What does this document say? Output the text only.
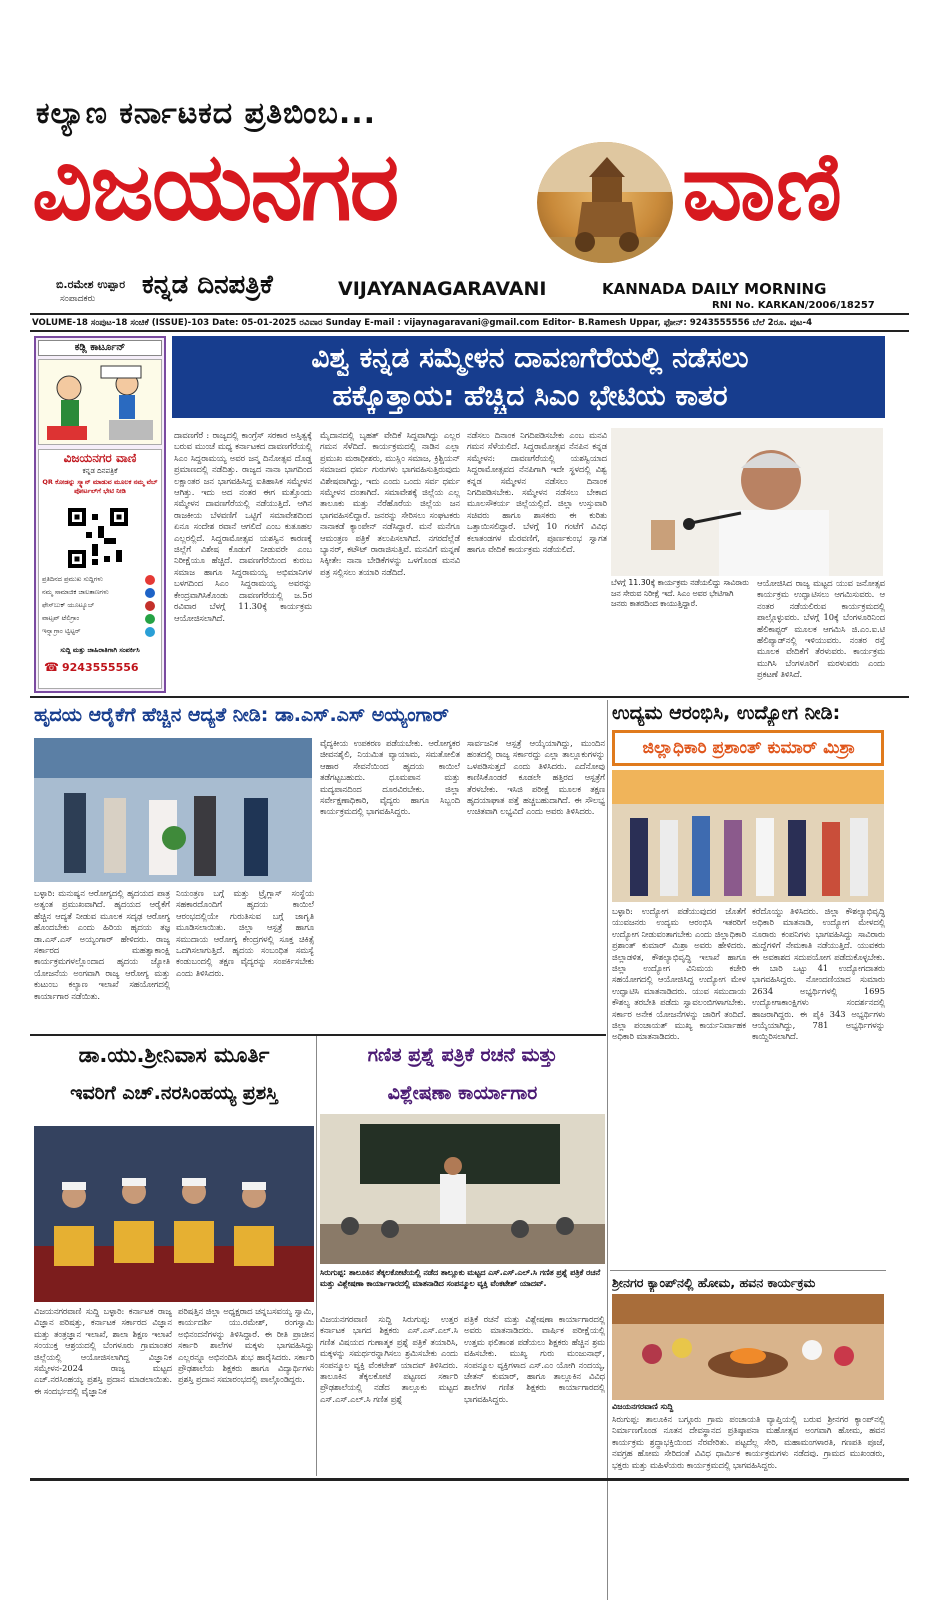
ಕಲ್ಯಾಣ ಕರ್ನಾಟಕದ ಪ್ರತಿಬಿಂಬ...
ವಿಜಯನಗರ	ವಾಣಿ
ಬಿ.ರಮೇಶ ಉಪ್ಪಾರ
ಸಂಪಾದಕರು ಕನ್ನಡ ದಿನಪತ್ರಿಕೆ	VIJAYANAGARAVANI	KANNADA DAILY MORNING
RNI No. KARKAN/2006/18257
VOLUME-18 ಸಂಪುಟ-18 ಸಂಚಿಕೆ (ISSUE)-103 Date: 05-01-2025 ರವಿವಾರ Sunday E-mail : vijaynagaravani@gmail.com Editor- B.Ramesh Uppar, ಫೋನ್: 9243555556 ಬೆಲೆ 2ರೂ. ಪುಟ-4
ಕಡ್ಲಿ ಕಾರ್ಟೂನ್
ವಿಜಯನಗರ ವಾಣಿ
ಕನ್ನಡ ದಿನಪತ್ರಿಕೆ
QR ಕೋಡನ್ನು ಸ್ಕ್ಯಾನ್ ಮಾಡುವ ಮೂಲಕ ನಮ್ಮ ವೆಬ್ ಪೋರ್ಟಲ್‌ಗೆ ಭೇಟಿ ನೀಡಿ
ಪ್ರತಿದಿನದ ಪ್ರಮುಖ ಸುದ್ದಿಗಳು
ನಮ್ಮ ಸಾಮಾಜಿಕ ಜಾಲತಾಣಗಳು
ಫೇಸ್‌ಬುಕ್ ಯೂಟ್ಯೂಬ್
ವಾಟ್ಸಪ್ ಟೆಲಿಗ್ರಾಂ
ಇನ್ಸ್ಟಾಗ್ರಾಂ ಟ್ವಿಟ್ಟರ್
ಸುದ್ದಿ ಮತ್ತು ಜಾಹಿರಾತಿಗಾಗಿ ಸಂಪರ್ಕಿಸಿ
☎ 9243555556
ವಿಶ್ವ ಕನ್ನಡ ಸಮ್ಮೇಳನ ದಾವಣಗೆರೆಯಲ್ಲಿ ನಡೆಸಲು
ಹಕ್ಕೊತ್ತಾಯ: ಹೆಚ್ಚಿದ ಸಿಎಂ ಭೇಟಿಯ ಕಾತರ
ದಾವಣಗೆರೆ : ರಾಜ್ಯದಲ್ಲಿ ಕಾಂಗ್ರೆಸ್ ಸರಕಾರ ಅಸ್ತಿತ್ವಕ್ಕೆ ಬರುವ ಮುಂಚೆ ಮಧ್ಯ ಕರ್ನಾಟಕದ ದಾವಣಗೆರೆಯಲ್ಲಿ ಸಿಎಂ ಸಿದ್ದರಾಮಯ್ಯ ಅವರ ಜನ್ಮ ದಿನೋತ್ಸವ ದೊಡ್ಡ ಪ್ರಮಾಣದಲ್ಲಿ ನಡೆದಿತ್ತು. ರಾಜ್ಯದ ನಾನಾ ಭಾಗದಿಂದ ಲಕ್ಷಾಂತರ ಜನ ಭಾಗವಹಿಸಿದ್ದ ಐತಿಹಾಸಿಕ ಸಮ್ಮೇಳನ ಆಗಿತ್ತು. ಇದು ಅದ ನಂತರ ಈಗ ಮತ್ತೊಂದು ಸಮ್ಮೇಳನ ದಾವಣಗೆರೆಯಲ್ಲಿ ನಡೆಯುತ್ತಿದೆ. ಆಗಿನ ರಾಜಕೀಯ ಬೆಳವಣಿಗೆ ಒಟ್ಟಿಗೆ ಸಮಾವೇಶದಿಂದ ಏನೂ ಸಂದೇಶ ರವಾನೆ ಆಗಲಿದೆ ಎಂಬ ಕುತೂಹಲ ಎಲ್ಲರಲ್ಲಿದೆ. ಸಿದ್ದರಾಮೋತ್ಸವ ಯಶಸ್ವಿನ ಕಾರಣಕ್ಕೆ ಜಿಲ್ಲೆಗೆ ವಿಶೇಷ ಕೊಡುಗೆ ನೀಡುವರೇ ಎಂಬ ನಿರೀಕ್ಷೆಯೂ ಹೆಚ್ಚಿದೆ. ದಾವಣಗೆರೆಯಿಂದ ಕುರುಬ ಸಮಾಜ ಹಾಗೂ ಸಿದ್ದರಾಮಯ್ಯ ಅಭಿಮಾನಿಗಳ ಬಳಗದಿಂದ ಸಿಎಂ ಸಿದ್ದರಾಮಯ್ಯ ಅವರನ್ನು ಕೇಂದ್ರವಾಗಿಸಿಕೊಂಡು ದಾವಣಗೆರೆಯಲ್ಲಿ ಜ.5ರ ರವಿವಾರ ಬೆಳಗ್ಗೆ 11.30ಕ್ಕೆ ಕಾರ್ಯಕ್ರಮ ಆಯೋಜಿಸಲಾಗಿದೆ.
ಮೈದಾನದಲ್ಲಿ ಬೃಹತ್ ವೇದಿಕೆ ಸಿದ್ದವಾಗಿದ್ದು ಎಲ್ಲರ ಗಮನ ಸೆಳೆದಿದೆ. ಕಾರ್ಯಕ್ರಮದಲ್ಲಿ ನಾಡಿನ ಎಲ್ಲಾ ಪ್ರಮುಖ ಮಠಾಧೀಶರು, ಮುಸ್ಲಿಂ ಸಮಾಜ, ಕ್ರಿಶ್ಚಿಯನ್ ಸಮಾಜದ ಧರ್ಮ ಗುರುಗಳು ಭಾಗವಹಿಸುತ್ತಿರುವುದು ವಿಶೇಷವಾಗಿದ್ದು, ಇದು ಎಂದು ಒಂದು ಸರ್ವ ಧರ್ಮ ಸಮ್ಮೇಳನ ದಂತಾಗಿದೆ. ಸಮಾವೇಶಕ್ಕೆ ಜಿಲ್ಲೆಯ ಎಲ್ಲ ತಾಲೂಕು ಮತ್ತು ನೆರೆಹೊರೆಯ ಜಿಲ್ಲೆಯ ಜನ ಭಾಗವಹಿಸಲಿದ್ದಾರೆ. ಜನರನ್ನು ಸೇರಿಸಲು ಸಂಘಟಕರು ನಾನಾಕಡೆ ಕ್ಯಾಂಪೇನ್ ನಡೆಸಿದ್ದಾರೆ. ಮನೆ ಮನೆಗೂ ಆಮಂತ್ರಣ ಪತ್ರಿಕೆ ತಲುಪಿಸಲಾಗಿದೆ. ನಗರದೆಲ್ಲೆಡೆ ಬ್ಯಾನರ್, ಕಟೌಟ್ ರಾರಾಜಿಸುತ್ತಿವೆ. ಮನವಿಗೆ ಮನ್ನಣೆ ಸಿಕ್ಕೀತೇ: ನಾನಾ ಬೇಡಿಕೆಗಳನ್ನು ಒಳಗೊಂಡ ಮನವಿ ಪತ್ರ ಸಲ್ಲಿಸಲು ತಯಾರಿ ನಡೆದಿದೆ.
ನಡೆಸಲು ದಿನಾಂಕ ನಿಗದಿಪಡಿಸಬೇಕು ಎಂಬ ಮನವಿ ಗಮನ ಸೆಳೆಯಲಿದೆ. ಸಿದ್ದರಾಮೋತ್ಸವ ನೆನಪಿನ ಕನ್ನಡ ಸಮ್ಮೇಳನ: ದಾವಣಗೆರೆಯಲ್ಲಿ ಯಶಸ್ವಿಯಾದ ಸಿದ್ದರಾಮೋತ್ಸವದ ನೆನಪಿಗಾಗಿ ಇದೇ ಸ್ಥಳದಲ್ಲಿ ವಿಶ್ವ ಕನ್ನಡ ಸಮ್ಮೇಳನ ನಡೆಸಲು ದಿನಾಂಕ ನಿಗದಿಪಡಿಸಬೇಕು. ಸಮ್ಮೇಳನ ನಡೆಸಲು ಬೇಕಾದ ಮೂಲಸೌಕರ್ಯ ಜಿಲ್ಲೆಯಲ್ಲಿದೆ. ಜಿಲ್ಲಾ ಉಸ್ತುವಾರಿ ಸಚಿವರು ಹಾಗೂ ಶಾಸಕರು ಈ ಕುರಿತು ಒತ್ತಾಯಿಸಲಿದ್ದಾರೆ. ಬೆಳಗ್ಗೆ 10 ಗಂಟೆಗೆ ವಿವಿಧ ಕಲಾತಂಡಗಳ ಮೆರವಣಿಗೆ, ಪೂರ್ಣಕುಂಭ ಸ್ವಾಗತ ಹಾಗೂ ವೇದಿಕೆ ಕಾರ್ಯಕ್ರಮ ನಡೆಯಲಿದೆ.
ಬೆಳಗ್ಗೆ 11.30ಕ್ಕೆ ಕಾರ್ಯಕ್ರಮ ನಡೆಯಲಿದ್ದು ಸಾವಿರಾರು ಜನ ಸೇರುವ ನಿರೀಕ್ಷೆ ಇದೆ. ಸಿಎಂ ಅವರ ಭೇಟಿಗಾಗಿ ಜನರು ಕಾತರದಿಂದ ಕಾಯುತ್ತಿದ್ದಾರೆ.
ಆಯೋಜಿಸಿದ ರಾಜ್ಯ ಮಟ್ಟದ ಯುವ ಜನೋತ್ಸವ ಕಾರ್ಯಕ್ರಮ ಉದ್ಘಾಟಿಸಲು ಆಗಮಿಸುವರು. ಆ ನಂತರ ನಡೆಯಲಿರುವ ಕಾರ್ಯಕ್ರಮದಲ್ಲಿ ಪಾಲ್ಗೊಳ್ಳುವರು. ಬೆಳಗ್ಗೆ 10ಕ್ಕೆ ಬೆಂಗಳೂರಿನಿಂದ ಹೆಲಿಕಾಪ್ಟರ್ ಮೂಲಕ ಆಗಮಿಸಿ ಜಿ.ಎಂ.ಐ.ಟಿ ಹೆಲಿಪ್ಯಾಡ್‌ನಲ್ಲಿ ಇಳಿಯುವರು. ನಂತರ ರಸ್ತೆ ಮೂಲಕ ವೇದಿಕೆಗೆ ತೆರಳುವರು. ಕಾರ್ಯಕ್ರಮ ಮುಗಿಸಿ ಬೆಂಗಳೂರಿಗೆ ಮರಳುವರು ಎಂದು ಪ್ರಕಟಣೆ ತಿಳಿಸಿದೆ.
ಹೃದಯ ಆರೈಕೆಗೆ ಹೆಚ್ಚಿನ ಆದ್ಯತೆ ನೀಡಿ: ಡಾ.ಎಸ್.ಎಸ್ ಅಯ್ಯಂಗಾರ್
ಬಳ್ಳಾರಿ: ಮನುಷ್ಯನ ಆರೋಗ್ಯದಲ್ಲಿ ಹೃದಯದ ಪಾತ್ರ ಅತ್ಯಂತ ಪ್ರಮುಖವಾಗಿದೆ. ಹೃದಯದ ಆರೈಕೆಗೆ ಹೆಚ್ಚಿನ ಆದ್ಯತೆ ನೀಡುವ ಮೂಲಕ ಸದೃಢ ಆರೋಗ್ಯ ಹೊಂದಬೇಕು ಎಂದು ಹಿರಿಯ ಹೃದಯ ತಜ್ಞ ಡಾ.ಎಸ್.ಎಸ್ ಅಯ್ಯಂಗಾರ್ ಹೇಳಿದರು. ರಾಜ್ಯ ಸರ್ಕಾರದ ಮಹತ್ವಾಕಾಂಕ್ಷಿ ಕಾರ್ಯಕ್ರಮಗಳಲ್ಲೊಂದಾದ ಹೃದಯ ಜ್ಯೋತಿ ಯೋಜನೆಯ ಅಂಗವಾಗಿ ರಾಜ್ಯ ಆರೋಗ್ಯ ಮತ್ತು ಕುಟುಂಬ ಕಲ್ಯಾಣ ಇಲಾಖೆ ಸಹಯೋಗದಲ್ಲಿ ಕಾರ್ಯಾಗಾರ ನಡೆಯಿತು.
ನಿಯಂತ್ರಣ ಬಗ್ಗೆ ಮತ್ತು ಟ್ರೈಗ್ಲಾಸ್ ಸಂಸ್ಥೆಯ ಸಹಕಾರದೊಂದಿಗೆ ಹೃದಯ ಕಾಯಿಲೆ ಆರಂಭದಲ್ಲಿಯೇ ಗುರುತಿಸುವ ಬಗ್ಗೆ ಜಾಗೃತಿ ಮೂಡಿಸಲಾಯಿತು. ಜಿಲ್ಲಾ ಆಸ್ಪತ್ರೆ ಹಾಗೂ ಸಮುದಾಯ ಆರೋಗ್ಯ ಕೇಂದ್ರಗಳಲ್ಲಿ ಸೂಕ್ತ ಚಿಕಿತ್ಸೆ ಒದಗಿಸಲಾಗುತ್ತಿದೆ. ಹೃದಯ ಸಂಬಂಧಿತ ಸಮಸ್ಯೆ ಕಂಡುಬಂದಲ್ಲಿ ತಕ್ಷಣ ವೈದ್ಯರನ್ನು ಸಂಪರ್ಕಿಸಬೇಕು ಎಂದು ತಿಳಿಸಿದರು.
ವೈದ್ಯಕೀಯ ಉಪಕರಣ ಪಡೆಯಬೇಕು. ಆರೋಗ್ಯಕರ ಜೀವನಶೈಲಿ, ನಿಯಮಿತ ವ್ಯಾಯಾಮ, ಸಮತೋಲಿತ ಆಹಾರ ಸೇವನೆಯಿಂದ ಹೃದಯ ಕಾಯಿಲೆ ತಡೆಗಟ್ಟಬಹುದು. ಧೂಮಪಾನ ಮತ್ತು ಮದ್ಯಪಾನದಿಂದ ದೂರವಿರಬೇಕು. ಜಿಲ್ಲಾ ಸರ್ವೇಕ್ಷಣಾಧಿಕಾರಿ, ವೈದ್ಯರು ಹಾಗೂ ಸಿಬ್ಬಂದಿ ಕಾರ್ಯಕ್ರಮದಲ್ಲಿ ಭಾಗವಹಿಸಿದ್ದರು.
ಸಾರ್ವಜನಿಕ ಆಸ್ಪತ್ರೆ ಆಯ್ಕೆಯಾಗಿದ್ದು, ಮುಂದಿನ ಹಂತದಲ್ಲಿ ರಾಜ್ಯ ಸರ್ಕಾರದ್ದು ಎಲ್ಲಾ ತಾಲ್ಲೂಕುಗಳನ್ನು ಒಳಪಡಿಸುತ್ತದೆ ಎಂದು ತಿಳಿಸಿದರು. ಎದೆನೋವು ಕಾಣಿಸಿಕೊಂಡರೆ ಕೂಡಲೇ ಹತ್ತಿರದ ಆಸ್ಪತ್ರೆಗೆ ತೆರಳಬೇಕು. ಇಸಿಜಿ ಪರೀಕ್ಷೆ ಮೂಲಕ ತಕ್ಷಣ ಹೃದಯಾಘಾತ ಪತ್ತೆ ಹಚ್ಚಬಹುದಾಗಿದೆ. ಈ ಸೌಲಭ್ಯ ಉಚಿತವಾಗಿ ಲಭ್ಯವಿದೆ ಎಂದು ಅವರು ತಿಳಿಸಿದರು.
ಉದ್ಯಮ ಆರಂಭಿಸಿ, ಉದ್ಯೋಗ ನೀಡಿ:
ಜಿಲ್ಲಾಧಿಕಾರಿ ಪ್ರಶಾಂತ್ ಕುಮಾರ್ ಮಿಶ್ರಾ
ಬಳ್ಳಾರಿ: ಉದ್ಯೋಗ ಪಡೆಯುವುದರ ಜೊತೆಗೆ ಯುವಜನರು ಉದ್ಯಮ ಆರಂಭಿಸಿ ಇತರರಿಗೆ ಉದ್ಯೋಗ ನೀಡುವಂತಾಗಬೇಕು ಎಂದು ಜಿಲ್ಲಾಧಿಕಾರಿ ಪ್ರಶಾಂತ್ ಕುಮಾರ್ ಮಿಶ್ರಾ ಅವರು ಹೇಳಿದರು. ಜಿಲ್ಲಾಡಳಿತ, ಕೌಶಲ್ಯಾಭಿವೃದ್ಧಿ ಇಲಾಖೆ ಹಾಗೂ ಜಿಲ್ಲಾ ಉದ್ಯೋಗ ವಿನಿಮಯ ಕಚೇರಿ ಸಹಯೋಗದಲ್ಲಿ ಆಯೋಜಿಸಿದ್ದ ಉದ್ಯೋಗ ಮೇಳ ಉದ್ಘಾಟಿಸಿ ಮಾತನಾಡಿದರು. ಯುವ ಸಮುದಾಯ ಕೌಶಲ್ಯ ತರಬೇತಿ ಪಡೆದು ಸ್ವಾವಲಂಬಿಗಳಾಗಬೇಕು. ಸರ್ಕಾರ ಅನೇಕ ಯೋಜನೆಗಳನ್ನು ಜಾರಿಗೆ ತಂದಿದೆ. ಜಿಲ್ಲಾ ಪಂಚಾಯತ್ ಮುಖ್ಯ ಕಾರ್ಯನಿರ್ವಾಹಕ ಅಧಿಕಾರಿ ಮಾತನಾಡಿದರು.
ಕರೆದೊಯ್ದು ತಿಳಿಸಿದರು. ಜಿಲ್ಲಾ ಕೌಶಲ್ಯಾಭಿವೃದ್ಧಿ ಅಧಿಕಾರಿ ಮಾತನಾಡಿ, ಉದ್ಯೋಗ ಮೇಳದಲ್ಲಿ ನೂರಾರು ಕಂಪನಿಗಳು ಭಾಗವಹಿಸಿದ್ದು ಸಾವಿರಾರು ಹುದ್ದೆಗಳಿಗೆ ನೇಮಕಾತಿ ನಡೆಯುತ್ತಿದೆ. ಯುವಕರು ಈ ಅವಕಾಶದ ಸದುಪಯೋಗ ಪಡೆದುಕೊಳ್ಳಬೇಕು. ಈ ಬಾರಿ ಒಟ್ಟು 41 ಉದ್ಯೋಗದಾತರು ಭಾಗವಹಿಸಿದ್ದರು. ನೋಂದಣಿಯಾದ ಸುಮಾರು 2634 ಅಭ್ಯರ್ಥಿಗಳಲ್ಲಿ 1695 ಉದ್ಯೋಗಾಕಾಂಕ್ಷಿಗಳು ಸಂದರ್ಶನದಲ್ಲಿ ಹಾಜರಾಗಿದ್ದರು. ಈ ಪೈಕಿ 343 ಅಭ್ಯರ್ಥಿಗಳು ಆಯ್ಕೆಯಾಗಿದ್ದು, 781 ಅಭ್ಯರ್ಥಿಗಳನ್ನು ಕಾಯ್ದಿರಿಸಲಾಗಿದೆ.
ಡಾ.ಯು.ಶ್ರೀನಿವಾಸ ಮೂರ್ತಿ
ಇವರಿಗೆ ಎಚ್.ನರಸಿಂಹಯ್ಯ ಪ್ರಶಸ್ತಿ
ವಿಜಯನಗರವಾಣಿ ಸುದ್ದಿ ಬಳ್ಳಾರಿ: ಕರ್ನಾಟಕ ರಾಜ್ಯ ವಿಜ್ಞಾನ ಪರಿಷತ್ತು, ಕರ್ನಾಟಕ ಸರ್ಕಾರದ ವಿಜ್ಞಾನ ಮತ್ತು ತಂತ್ರಜ್ಞಾನ ಇಲಾಖೆ, ಶಾಲಾ ಶಿಕ್ಷಣ ಇಲಾಖೆ ಸಂಯುಕ್ತ ಆಶ್ರಯದಲ್ಲಿ ಬೆಂಗಳೂರು ಗ್ರಾಮಾಂತರ ಜಿಲ್ಲೆಯಲ್ಲಿ ಆಯೋಜಿಸಲಾಗಿದ್ದ ವಿಜ್ಞಾನಿಕ ಸಮ್ಮೇಳನ-2024 ರಾಜ್ಯ ಮಟ್ಟದ ಎಚ್.ನರಸಿಂಹಯ್ಯ ಪ್ರಶಸ್ತಿ ಪ್ರದಾನ ಮಾಡಲಾಯಿತು. ಈ ಸಂದರ್ಭದಲ್ಲಿ ವೈಜ್ಞಾನಿಕ
ಪರಿಷತ್ತಿನ ಜಿಲ್ಲಾ ಅಧ್ಯಕ್ಷರಾದ ಚನ್ನಬಸವಯ್ಯ ಸ್ವಾಮಿ, ಕಾರ್ಯದರ್ಶಿ ಯು.ರಮೇಶ್, ರಂಗಸ್ವಾಮಿ ಅಭಿನಂದನೆಗಳನ್ನು ತಿಳಿಸಿದ್ದಾರೆ. ಈ ರೀತಿ ಪ್ರಾಚೀನ ಸರ್ಕಾರಿ ಶಾಲೆಗಳ ಮಕ್ಕಳು ಭಾಗವಹಿಸಿದ್ದು ಎಲ್ಲರನ್ನೂ ಅಭಿನಂದಿಸಿ ಶುಭ ಹಾರೈಸಿದರು. ಸರ್ಕಾರಿ ಪ್ರೌಢಶಾಲೆಯ ಶಿಕ್ಷಕರು ಹಾಗೂ ವಿದ್ಯಾರ್ಥಿಗಳು ಪ್ರಶಸ್ತಿ ಪ್ರದಾನ ಸಮಾರಂಭದಲ್ಲಿ ಪಾಲ್ಗೊಂಡಿದ್ದರು.
ಗಣಿತ ಪ್ರಶ್ನೆ ಪತ್ರಿಕೆ ರಚನೆ ಮತ್ತು
ವಿಶ್ಲೇಷಣಾ ಕಾರ್ಯಾಗಾರ
ಸಿರುಗುಪ್ಪ: ತಾಲೂಕಿನ ತೆಕ್ಕಲಕೋಟೆಯಲ್ಲಿ ನಡೆದ ತಾಲ್ಲೂಕು ಮಟ್ಟದ ಎಸ್.ಎಸ್.ಎಲ್.ಸಿ ಗಣಿತ ಪ್ರಶ್ನೆ ಪತ್ರಿಕೆ ರಚನೆ ಮತ್ತು ವಿಶ್ಲೇಷಣಾ ಕಾರ್ಯಾಗಾರದಲ್ಲಿ ಮಾತನಾಡಿದ ಸಂಪನ್ಮೂಲ ವ್ಯಕ್ತಿ ವೆಂಕಟೇಶ್ ಯಾದವ್.
ವಿಜಯನಗರವಾಣಿ ಸುದ್ದಿ ಸಿರುಗುಪ್ಪ: ಉತ್ತರ ಕರ್ನಾಟಕ ಭಾಗದ ಶಿಕ್ಷಕರು ಎಸ್.ಎಸ್.ಎಲ್.ಸಿ ಗಣಿತ ವಿಷಯದ ಗುಣಾತ್ಮಕ ಪ್ರಶ್ನೆ ಪತ್ರಿಕೆ ತಯಾರಿಸಿ, ಮಕ್ಕಳನ್ನು ಸಮರ್ಥರನ್ನಾಗಿಸಲು ಶ್ರಮಿಸಬೇಕು ಎಂದು ಸಂಪನ್ಮೂಲ ವ್ಯಕ್ತಿ ವೆಂಕಟೇಶ್ ಯಾದವ್ ತಿಳಿಸಿದರು. ತಾಲೂಕಿನ ತೆಕ್ಕಲಕೋಟೆ ಪಟ್ಟಣದ ಸರ್ಕಾರಿ ಪ್ರೌಢಶಾಲೆಯಲ್ಲಿ ನಡೆದ ತಾಲ್ಲೂಕು ಮಟ್ಟದ ಎಸ್.ಎಸ್.ಎಲ್.ಸಿ ಗಣಿತ ಪ್ರಶ್ನೆ
ಪತ್ರಿಕೆ ರಚನೆ ಮತ್ತು ವಿಶ್ಲೇಷಣಾ ಕಾರ್ಯಾಗಾರದಲ್ಲಿ ಅವರು ಮಾತನಾಡಿದರು. ವಾರ್ಷಿಕ ಪರೀಕ್ಷೆಯಲ್ಲಿ ಉತ್ತಮ ಫಲಿತಾಂಶ ಪಡೆಯಲು ಶಿಕ್ಷಕರು ಹೆಚ್ಚಿನ ಶ್ರಮ ವಹಿಸಬೇಕು. ಮುಖ್ಯ ಗುರು ಮಂಜುನಾಥ್, ಸಂಪನ್ಮೂಲ ವ್ಯಕ್ತಿಗಳಾದ ಎಸ್.ಎಂ ಯೋಗಿ ನಂದಯ್ಯ, ಚೇತನ್ ಕುಮಾರ್, ಹಾಗೂ ತಾಲ್ಲೂಕಿನ ವಿವಿಧ ಶಾಲೆಗಳ ಗಣಿತ ಶಿಕ್ಷಕರು ಕಾರ್ಯಾಗಾರದಲ್ಲಿ ಭಾಗವಹಿಸಿದ್ದರು.
ಶ್ರೀನಗರ ಕ್ಯಾಂಪ್‌ನಲ್ಲಿ ಹೋಮ, ಹವನ ಕಾರ್ಯಕ್ರಮ
ವಿಜಯನಗರವಾಣಿ ಸುದ್ದಿ
ಸಿರುಗುಪ್ಪ: ತಾಲೂಕಿನ ಬಗ್ಗೂರು ಗ್ರಾಮ ಪಂಚಾಯತಿ ವ್ಯಾಪ್ತಿಯಲ್ಲಿ ಬರುವ ಶ್ರೀನಗರ ಕ್ಯಾಂಪ್‌ನಲ್ಲಿ ನಿರ್ಮಾಣಗೊಂಡ ನೂತನ ದೇವಸ್ಥಾನದ ಪ್ರತಿಷ್ಠಾಪನಾ ಮಹೋತ್ಸವ ಅಂಗವಾಗಿ ಹೋಮ, ಹವನ ಕಾರ್ಯಕ್ರಮ ಶ್ರದ್ಧಾಭಕ್ತಿಯಿಂದ ನೆರವೇರಿತು. ಪಟ್ಟದೆಲ್ಲ ಸೇರಿ, ಮಹಾಮಂಗಳಾರತಿ, ಗಣಪತಿ ಪೂಜೆ, ನವಗ್ರಹ ಹೋಮ ಸೇರಿದಂತೆ ವಿವಿಧ ಧಾರ್ಮಿಕ ಕಾರ್ಯಕ್ರಮಗಳು ನಡೆದವು. ಗ್ರಾಮದ ಮುಖಂಡರು, ಭಕ್ತರು ಮತ್ತು ಮಹಿಳೆಯರು ಕಾರ್ಯಕ್ರಮದಲ್ಲಿ ಭಾಗವಹಿಸಿದ್ದರು.
